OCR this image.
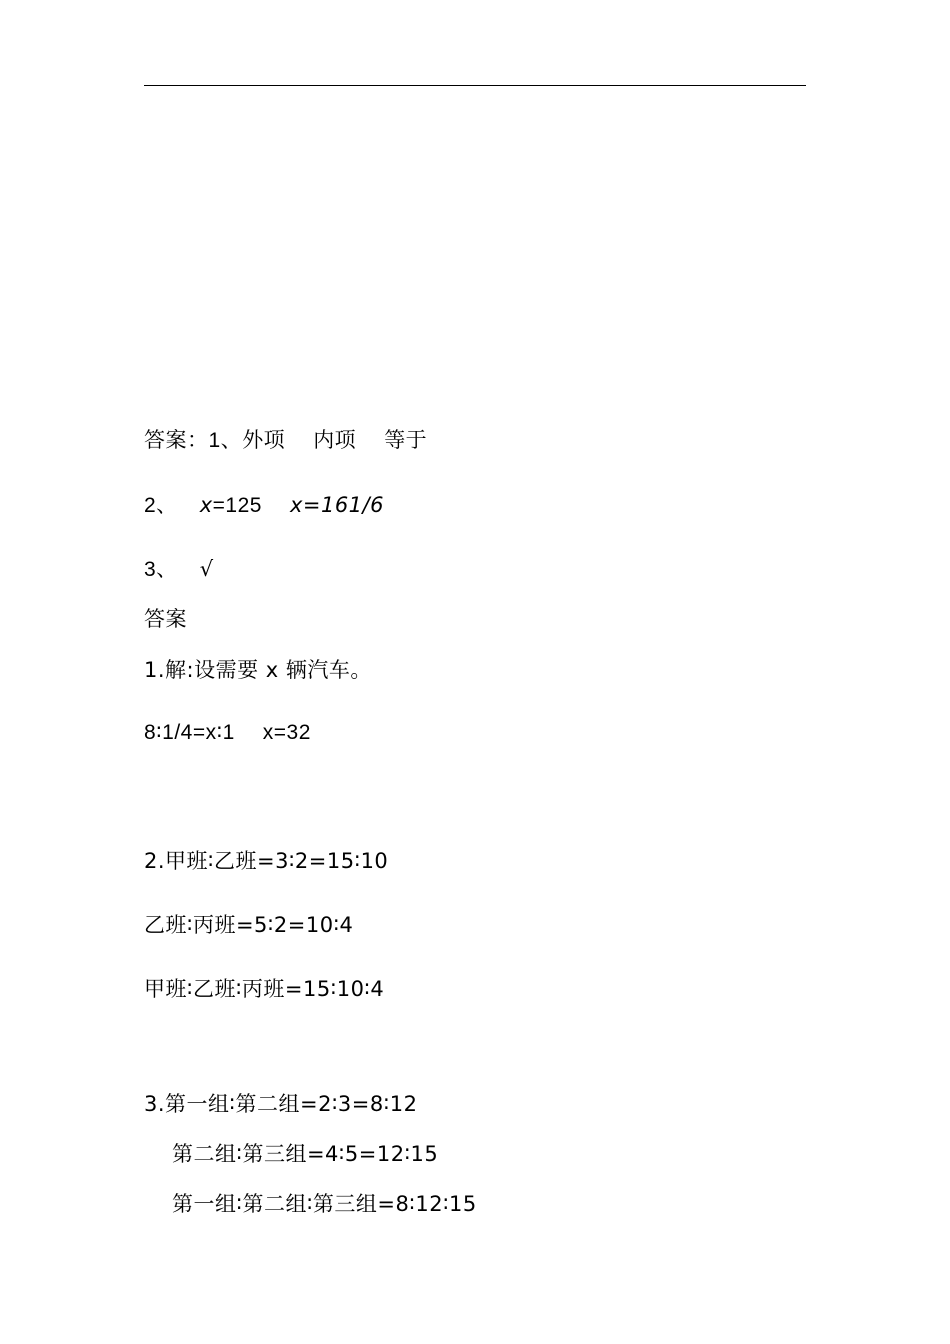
答案：1、外项 内项 等于
2、 x=125 x=161/6
3、 √
答案
1.解:设需要 x 辆汽车。
8∶1/4=x∶1 x=32
2.甲班∶乙班=3∶2=15∶10
乙班∶丙班=5∶2=10∶4
甲班∶乙班∶丙班=15∶10∶4
3.第一组∶第二组=2∶3=8∶12
第二组∶第三组=4∶5=12∶15
第一组∶第二组∶第三组=8∶12∶15
